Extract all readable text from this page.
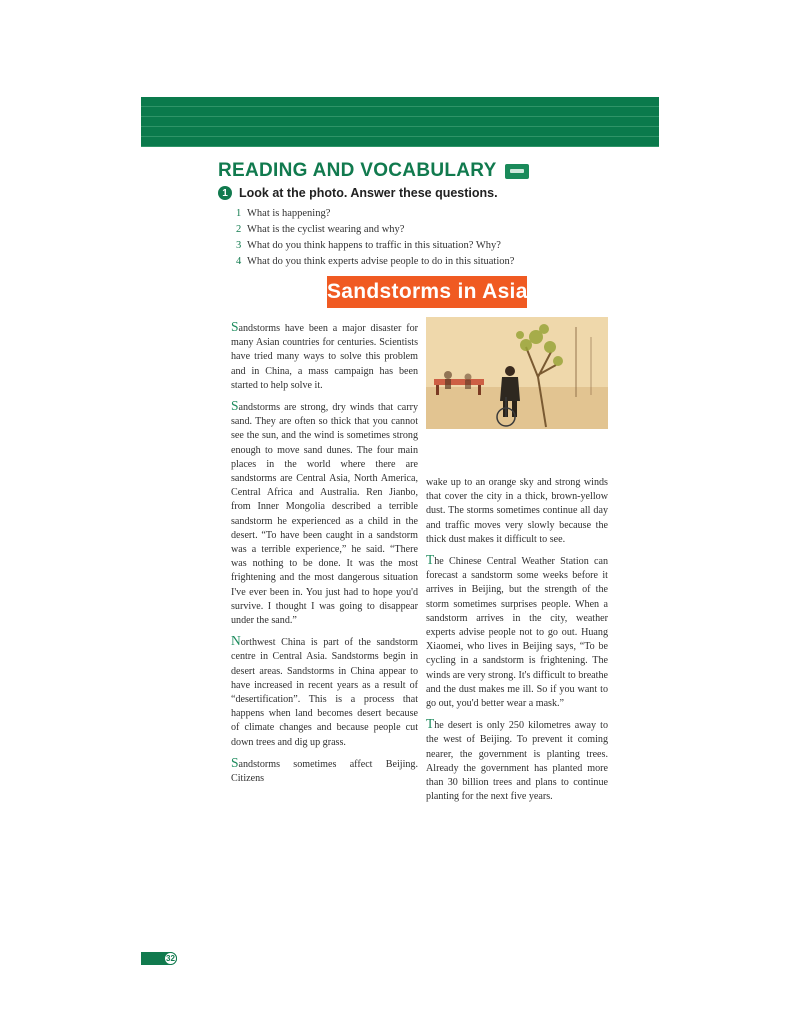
READING AND VOCABULARY
1 Look at the photo. Answer these questions.
1 What is happening?
2 What is the cyclist wearing and why?
3 What do you think happens to traffic in this situation? Why?
4 What do you think experts advise people to do in this situation?
Sandstorms in Asia

Sandstorms have been a major disaster for many Asian countries for centuries. Scientists have tried many ways to solve this problem and in China, a mass campaign has been started to help solve it.

Sandstorms are strong, dry winds that carry sand. They are often so thick that you cannot see the sun, and the wind is sometimes strong enough to move sand dunes. The four main places in the world where there are sandstorms are Central Asia, North America, Central Africa and Australia. Ren Jianbo, from Inner Mongolia described a terrible sandstorm he experienced as a child in the desert. “To have been caught in a sandstorm was a terrible experience,” he said. “There was nothing to be done. It was the most frightening and the most dangerous situation I've ever been in. You just had to hope you'd survive. I thought I was going to disappear under the sand.”

Northwest China is part of the sandstorm centre in Central Asia. Sandstorms begin in desert areas. Sandstorms in China appear to have increased in recent years as a result of “desertification”. This is a process that happens when land becomes desert because of climate changes and because people cut down trees and dig up grass.

Sandstorms sometimes affect Beijing. Citizens

wake up to an orange sky and strong winds that cover the city in a thick, brown-yellow dust. The storms sometimes continue all day and traffic moves very slowly because the thick dust makes it difficult to see.

The Chinese Central Weather Station can forecast a sandstorm some weeks before it arrives in Beijing, but the strength of the storm sometimes surprises people. When a sandstorm arrives in the city, weather experts advise people not to go out. Huang Xiaomei, who lives in Beijing says, “To be cycling in a sandstorm is frightening. The winds are very strong. It's difficult to breathe and the dust makes me ill. So if you want to go out, you'd better wear a mask.”

The desert is only 250 kilometres away to the west of Beijing. To prevent it coming nearer, the government is planting trees. Already the government has planted more than 30 billion trees and plans to continue planting for the next five years.

32
